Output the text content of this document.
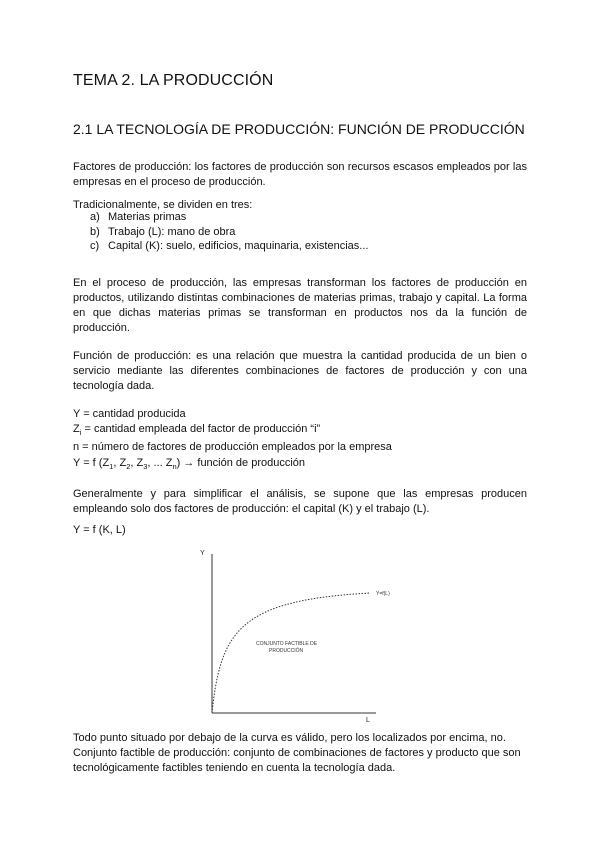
TEMA 2. LA PRODUCCIÓN
2.1 LA TECNOLOGÍA DE PRODUCCIÓN: FUNCIÓN DE PRODUCCIÓN
Factores de producción: los factores de producción son recursos escasos empleados por las empresas en el proceso de producción.
Tradicionalmente, se dividen en tres:
a) Materias primas
b) Trabajo (L): mano de obra
c) Capital (K): suelo, edificios, maquinaria, existencias...
En el proceso de producción, las empresas transforman los factores de producción en productos, utilizando distintas combinaciones de materias primas, trabajo y capital. La forma en que dichas materias primas se transforman en productos nos da la función de producción.
Función de producción: es una relación que muestra la cantidad producida de un bien o servicio mediante las diferentes combinaciones de factores de producción y con una tecnología dada.
Y = cantidad producida
$Z_i$ = cantidad empleada del factor de producción “i”
n = número de factores de producción empleados por la empresa
Y = f ($Z_1$, $Z_2$, $Z_3$, ... $Z_n$) → función de producción
Generalmente y para simplificar el análisis, se supone que las empresas producen empleando solo dos factores de producción: el capital (K) y el trabajo (L).
Y = f (K, L)
Y
L
Y=f(L)
CONJUNTO FACTIBLE DE
PRODUCCIÓN
Todo punto situado por debajo de la curva es válido, pero los localizados por encima, no.
Conjunto factible de producción: conjunto de combinaciones de factores y producto que son tecnológicamente factibles teniendo en cuenta la tecnología dada.
